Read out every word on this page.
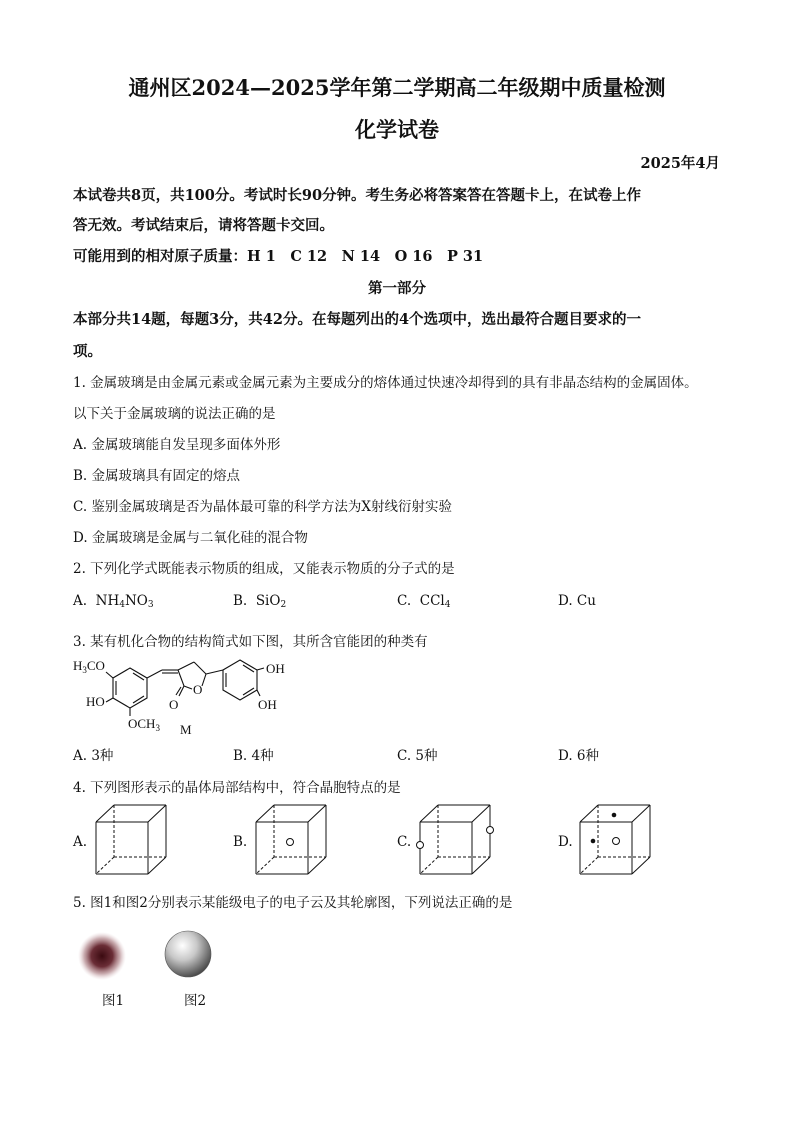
通州区2024—2025学年第二学期高二年级期中质量检测
化学试卷
2025年4月
本试卷共8页，共100分。考试时长90分钟。考生务必将答案答在答题卡上，在试卷上作
答无效。考试结束后，请将答题卡交回。
可能用到的相对原子质量：H 1　C 12　N 14　O 16　P 31
第一部分
本部分共14题，每题3分，共42分。在每题列出的4个选项中，选出最符合题目要求的一
项。
1. 金属玻璃是由金属元素或金属元素为主要成分的熔体通过快速冷却得到的具有非晶态结构的金属固体。
以下关于金属玻璃的说法正确的是
A. 金属玻璃能自发呈现多面体外形
B. 金属玻璃具有固定的熔点
C. 鉴别金属玻璃是否为晶体最可靠的科学方法为X射线衍射实验
D. 金属玻璃是金属与二氧化硅的混合物
2. 下列化学式既能表示物质的组成，又能表示物质的分子式的是
A. $NH_4NO_3$	B. SiO$_2$	C. CCl$_4$	D. Cu
3. 某有机化合物的结构简式如下图，其所含官能团的种类有
$H_3CO$
HO
$OCH_3$
O
O
OH
OH
M
A. 3种	B. 4种	C. 5种	D. 6种
4. 下列图形表示的晶体局部结构中，符合晶胞特点的是
A.	B.	C.	D.
5. 图1和图2分别表示某能级电子的电子云及其轮廓图，下列说法正确的是
图1	图2
